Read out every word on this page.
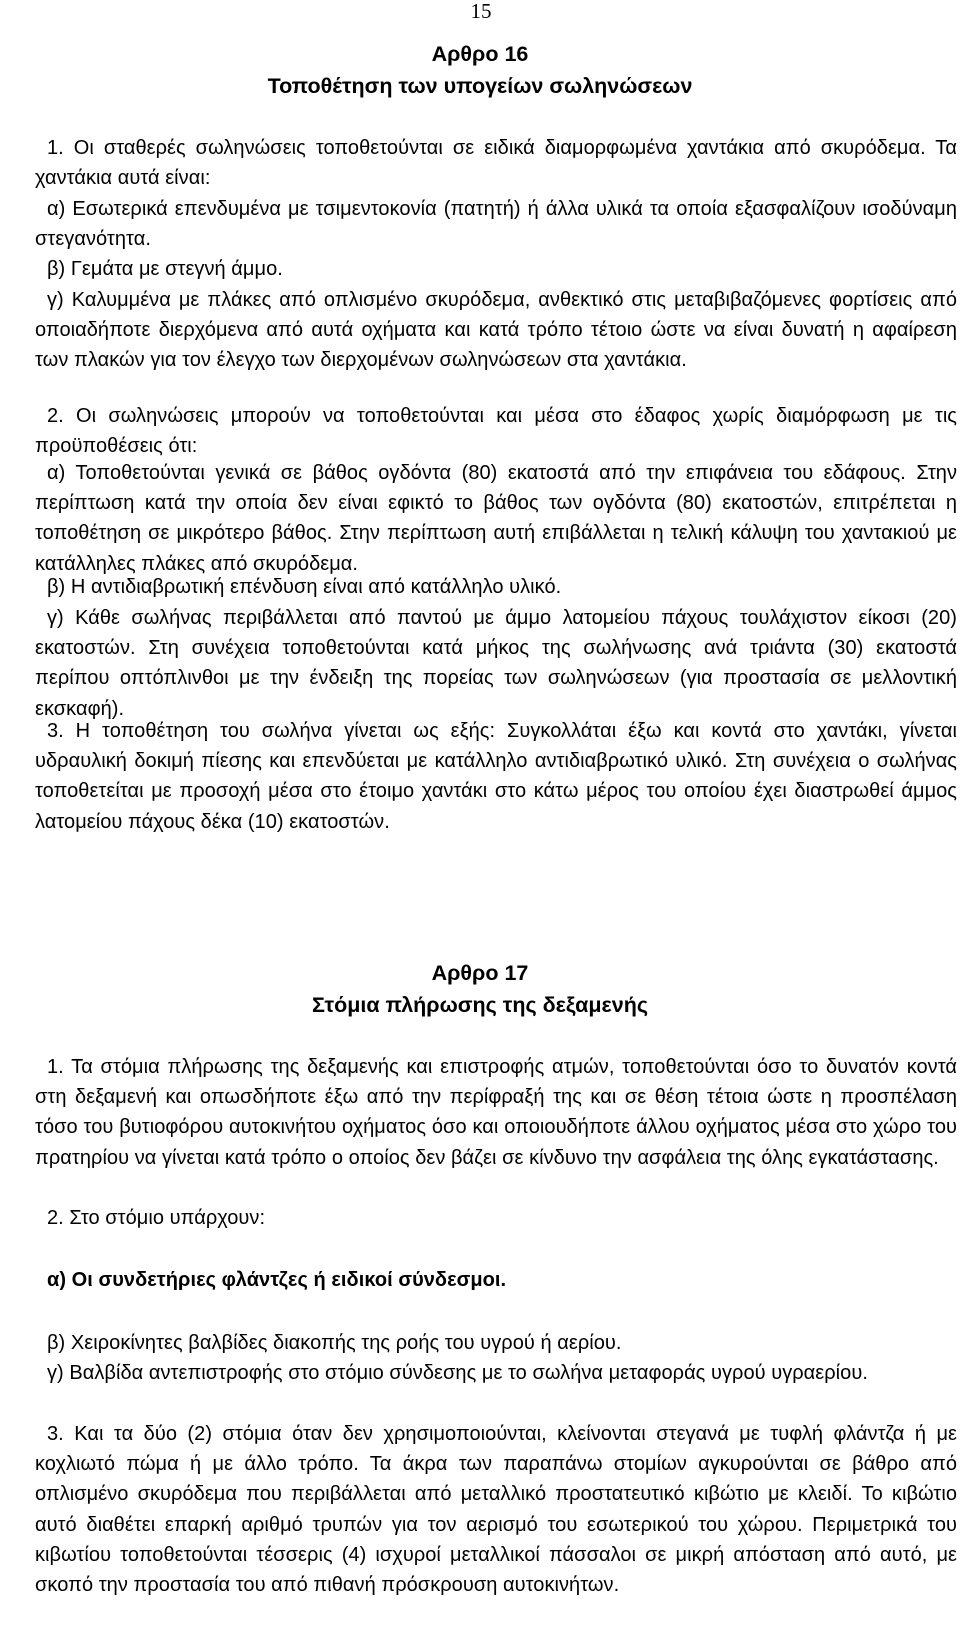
15
Αρθρο 16
Τοποθέτηση των υπογείων σωληνώσεων
1. Οι σταθερές σωληνώσεις τοποθετούνται σε ειδικά διαμορφωμένα χαντάκια από σκυρόδεμα. Τα χαντάκια αυτά είναι:
α) Εσωτερικά επενδυμένα με τσιμεντοκονία (πατητή) ή άλλα υλικά τα οποία εξασφαλίζουν ισοδύναμη στεγανότητα.
β) Γεμάτα με στεγνή άμμο.
γ) Καλυμμένα με πλάκες από οπλισμένο σκυρόδεμα, ανθεκτικό στις μεταβιβαζόμενες φορτίσεις από οποιαδήποτε διερχόμενα από αυτά οχήματα και κατά τρόπο τέτοιο ώστε να είναι δυνατή η αφαίρεση των πλακών για τον έλεγχο των διερχομένων σωληνώσεων στα χαντάκια.
2. Οι σωληνώσεις μπορούν να τοποθετούνται και μέσα στο έδαφος χωρίς διαμόρφωση με τις προϋποθέσεις ότι:
α) Τοποθετούνται γενικά σε βάθος ογδόντα (80) εκατοστά από την επιφάνεια του εδάφους. Στην περίπτωση κατά την οποία δεν είναι εφικτό το βάθος των ογδόντα (80) εκατοστών, επιτρέπεται η τοποθέτηση σε μικρότερο βάθος. Στην περίπτωση αυτή επιβάλλεται η τελική κάλυψη του χαντακιού με κατάλληλες πλάκες από σκυρόδεμα.
β) Η αντιδιαβρωτική επένδυση είναι από κατάλληλο υλικό.
γ) Κάθε σωλήνας περιβάλλεται από παντού με άμμο λατομείου πάχους τουλάχιστον είκοσι (20) εκατοστών. Στη συνέχεια τοποθετούνται κατά μήκος της σωλήνωσης ανά τριάντα (30) εκατοστά περίπου οπτόπλινθοι με την ένδειξη της πορείας των σωληνώσεων (για προστασία σε μελλοντική εκσκαφή).
3. Η τοποθέτηση του σωλήνα γίνεται ως εξής: Συγκολλάται έξω και κοντά στο χαντάκι, γίνεται υδραυλική δοκιμή πίεσης και επενδύεται με κατάλληλο αντιδιαβρωτικό υλικό. Στη συνέχεια ο σωλήνας τοποθετείται με προσοχή μέσα στο έτοιμο χαντάκι στο κάτω μέρος του οποίου έχει διαστρωθεί άμμος λατομείου πάχους δέκα (10) εκατοστών.
Αρθρο 17
Στόμια πλήρωσης της δεξαμενής
1. Τα στόμια πλήρωσης της δεξαμενής και επιστροφής ατμών, τοποθετούνται όσο το δυνατόν κοντά στη δεξαμενή και οπωσδήποτε έξω από την περίφραξή της και σε θέση τέτοια ώστε η προσπέλαση τόσο του βυτιοφόρου αυτοκινήτου οχήματος όσο και οποιουδήποτε άλλου οχήματος μέσα στο χώρο του πρατηρίου να γίνεται κατά τρόπο ο οποίος δεν βάζει σε κίνδυνο την ασφάλεια της όλης εγκατάστασης.
2. Στο στόμιο υπάρχουν:
α) Οι συνδετήριες φλάντζες ή ειδικοί σύνδεσμοι.
β) Χειροκίνητες βαλβίδες διακοπής της ροής του υγρού ή αερίου.
γ) Βαλβίδα αντεπιστροφής στο στόμιο σύνδεσης με το σωλήνα μεταφοράς υγρού υγραερίου.
3. Και τα δύο (2) στόμια όταν δεν χρησιμοποιούνται, κλείνονται στεγανά με τυφλή φλάντζα ή με κοχλιωτό πώμα ή με άλλο τρόπο. Τα άκρα των παραπάνω στομίων αγκυρούνται σε βάθρο από οπλισμένο σκυρόδεμα που περιβάλλεται από μεταλλικό προστατευτικό κιβώτιο με κλειδί. Το κιβώτιο αυτό διαθέτει επαρκή αριθμό τρυπών για τον αερισμό του εσωτερικού του χώρου. Περιμετρικά του κιβωτίου τοποθετούνται τέσσερις (4) ισχυροί μεταλλικοί πάσσαλοι σε μικρή απόσταση από αυτό, με σκοπό την προστασία του από πιθανή πρόσκρουση αυτοκινήτων.
